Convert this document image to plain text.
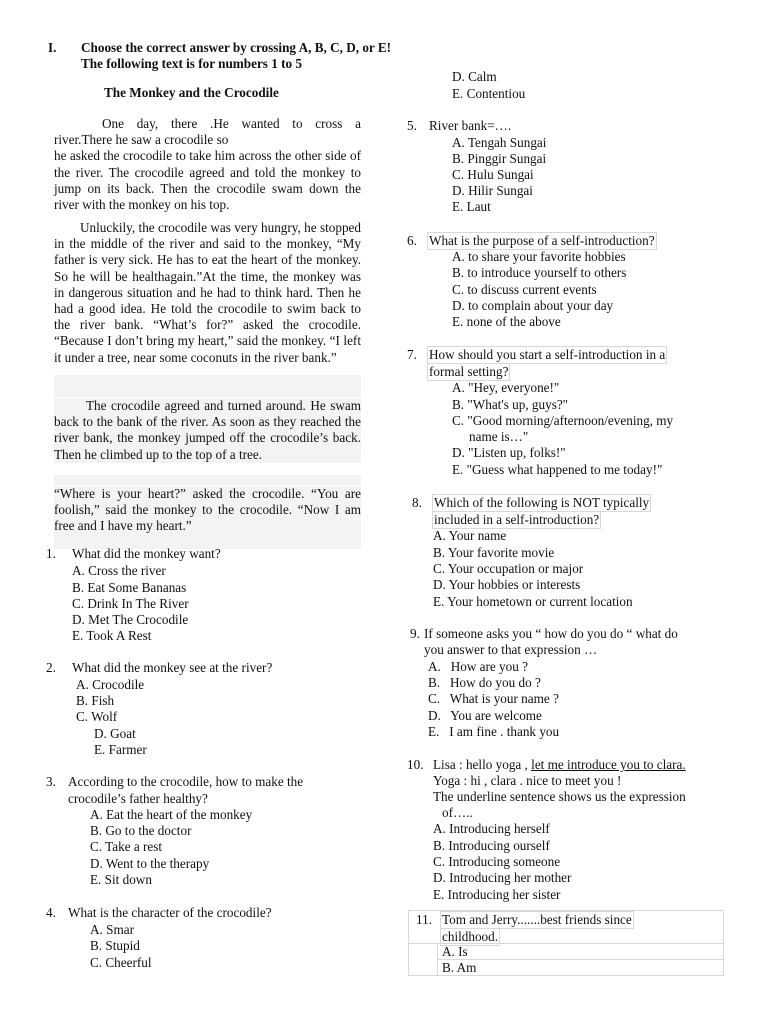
I. Choose the correct answer by crossing A, B, C, D, or E!
The following text is for numbers 1 to 5
The Monkey and the Crocodile
One day, there .He wanted to cross a
river.There he saw a crocodile so
he asked the crocodile to take him across the other side of the river. The crocodile agreed and told the monkey to jump on its back. Then the crocodile swam down the river with the monkey on his top.
Unluckily, the crocodile was very hungry, he stopped in the middle of the river and said to the monkey, “My father is very sick. He has to eat the heart of the monkey. So he will be healthagain.”At the time, the monkey was in dangerous situation and he had to think hard. Then he had a good idea. He told the crocodile to swim back to the river bank. “What’s for?” asked the crocodile. “Because I don’t bring my heart,” said the monkey. “I left it under a tree, near some coconuts in the river bank.”
The crocodile agreed and turned around. He swam back to the bank of the river. As soon as they reached the river bank, the monkey jumped off the crocodile’s back. Then he climbed up to the top of a tree.
“Where is your heart?” asked the crocodile. “You are foolish,” said the monkey to the crocodile. “Now I am free and I have my heart.”
1. What did the monkey want?
A. Cross the river
B. Eat Some Bananas
C. Drink In The River
D. Met The Crocodile
E. Took A Rest
2. What did the monkey see at the river?
A. Crocodile
B. Fish
C. Wolf
D. Goat
E. Farmer
3. According to the crocodile, how to make the
crocodile’s father healthy?
A. Eat the heart of the monkey
B. Go to the doctor
C. Take a rest
D. Went to the therapy
E. Sit down
4. What is the character of the crocodile?
A. Smar
B. Stupid
C. Cheerful
D. Calm
E. Contentiou
5. River bank=….
A. Tengah Sungai
B. Pinggir Sungai
C. Hulu Sungai
D. Hilir Sungai
E. Laut
6. What is the purpose of a self-introduction?
A. to share your favorite hobbies
B. to introduce yourself to others
C. to discuss current events
D. to complain about your day
E. none of the above
7. How should you start a self-introduction in a
formal setting?
A. "Hey, everyone!"
B. "What's up, guys?"
C. "Good morning/afternoon/evening, my
name is…"
D. "Listen up, folks!"
E. "Guess what happened to me today!"
8. Which of the following is NOT typically
included in a self-introduction?
A. Your name
B. Your favorite movie
C. Your occupation or major
D. Your hobbies or interests
E. Your hometown or current location
9. If someone asks you “ how do you do “ what do
you answer to that expression …
A.   How are you ?
B.   How do you do ?
C.   What is your name ?
D.   You are welcome
E.   I am fine . thank you
10. Lisa : hello yoga , let me introduce you to clara.
Yoga : hi , clara . nice to meet you !
The underline sentence shows us the expression
of…..
A. Introducing herself
B. Introducing ourself
C. Introducing someone
D. Introducing her mother
E. Introducing her sister
11. Tom and Jerry.......best friends since
childhood.
A. Is
B. Am
